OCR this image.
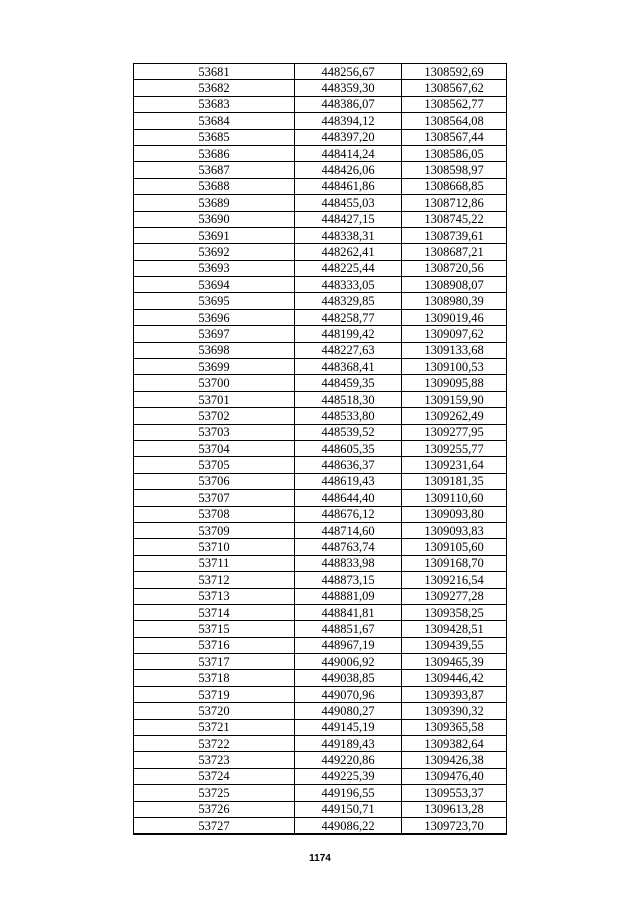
53681	448256,67	1308592,69
53682	448359,30	1308567,62
53683	448386,07	1308562,77
53684	448394,12	1308564,08
53685	448397,20	1308567,44
53686	448414,24	1308586,05
53687	448426,06	1308598,97
53688	448461,86	1308668,85
53689	448455,03	1308712,86
53690	448427,15	1308745,22
53691	448338,31	1308739,61
53692	448262,41	1308687,21
53693	448225,44	1308720,56
53694	448333,05	1308908,07
53695	448329,85	1308980,39
53696	448258,77	1309019,46
53697	448199,42	1309097,62
53698	448227,63	1309133,68
53699	448368,41	1309100,53
53700	448459,35	1309095,88
53701	448518,30	1309159,90
53702	448533,80	1309262,49
53703	448539,52	1309277,95
53704	448605,35	1309255,77
53705	448636,37	1309231,64
53706	448619,43	1309181,35
53707	448644,40	1309110,60
53708	448676,12	1309093,80
53709	448714,60	1309093,83
53710	448763,74	1309105,60
53711	448833,98	1309168,70
53712	448873,15	1309216,54
53713	448881,09	1309277,28
53714	448841,81	1309358,25
53715	448851,67	1309428,51
53716	448967,19	1309439,55
53717	449006,92	1309465,39
53718	449038,85	1309446,42
53719	449070,96	1309393,87
53720	449080,27	1309390,32
53721	449145,19	1309365,58
53722	449189,43	1309382,64
53723	449220,86	1309426,38
53724	449225,39	1309476,40
53725	449196,55	1309553,37
53726	449150,71	1309613,28
53727	449086,22	1309723,70
1174
